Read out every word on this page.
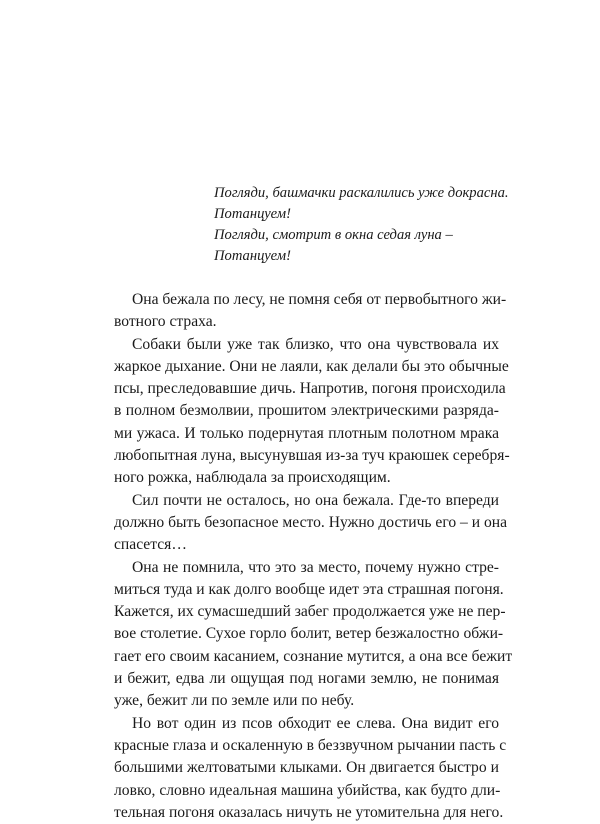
Погляди, башмачки раскалились уже докрасна.
Потанцуем!
Погляди, смотрит в окна седая луна –
Потанцуем!

Она бежала по лесу, не помня себя от первобытного жи-
вотного страха.

Собаки были уже так близко, что она чувствовала их
жаркое дыхание. Они не лаяли, как делали бы это обычные
псы, преследовавшие дичь. Напротив, погоня происходила
в полном безмолвии, прошитом электрическими разряда-
ми ужаса. И только подернутая плотным полотном мрака
любопытная луна, высунувшая из-за туч краюшек серебря-
ного рожка, наблюдала за происходящим.

Сил почти не осталось, но она бежала. Где-то впереди
должно быть безопасное место. Нужно достичь его – и она
спасется…

Она не помнила, что это за место, почему нужно стре-
миться туда и как долго вообще идет эта страшная погоня.
Кажется, их сумасшедший забег продолжается уже не пер-
вое столетие. Сухое горло болит, ветер безжалостно обжи-
гает его своим касанием, сознание мутится, а она все бежит
и бежит, едва ли ощущая под ногами землю, не понимая
уже, бежит ли по земле или по небу.

Но вот один из псов обходит ее слева. Она видит его
красные глаза и оскаленную в беззвучном рычании пасть с
большими желтоватыми клыками. Он двигается быстро и
ловко, словно идеальная машина убийства, как будто дли-
тельная погоня оказалась ничуть не утомительна для него.
